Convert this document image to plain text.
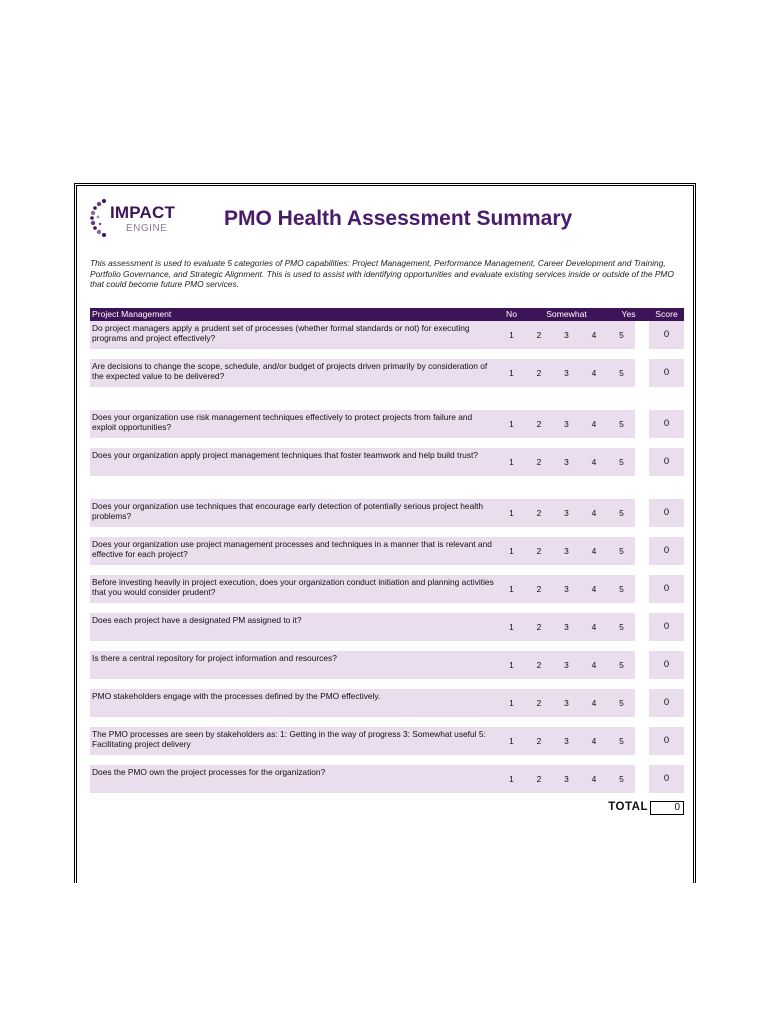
IMPACT
ENGINE	PMO Health Assessment Summary
This assessment is used to evaluate 5 categories of PMO capabilities: Project Management, Performance Management, Career Development and Training, Portfolio Governance, and Strategic Alignment. This is used to assist with identifying opportunities and evaluate existing services inside or outside of the PMO that could become future PMO services.
Project Management	No	Somewhat			Yes		Score
Do project managers apply a prudent set of processes (whether formal standards or not) for executing programs and project effectively?	1	2	3	4	5		0

Are decisions to change the scope, schedule, and/or budget of projects driven primarily by consideration of the expected value to be delivered?	1	2	3	4	5		0

Does your organization use risk management techniques effectively to protect projects from failure and exploit opportunities?	1	2	3	4	5		0

Does your organization apply project management techniques that foster teamwork and help build trust?	1	2	3	4	5		0

Does your organization use techniques that encourage early detection of potentially serious project health problems?	1	2	3	4	5		0

Does your organization use project management processes and techniques in a manner that is relevant and effective for each project?	1	2	3	4	5		0

Before investing heavily in project execution, does your organization conduct initiation and planning activities that you would consider prudent?	1	2	3	4	5		0

Does each project have a designated PM assigned to it?	1	2	3	4	5		0

Is there a central repository for project information and resources?	1	2	3	4	5		0

PMO stakeholders engage with the processes defined by the PMO effectively.	1	2	3	4	5		0

The PMO processes are seen by stakeholders as: 1: Getting in the way of progress 3: Somewhat useful 5: Facilitating project delivery	1	2	3	4	5		0

Does the PMO own the project processes for the organization?	1	2	3	4	5		0
TOTAL	0
